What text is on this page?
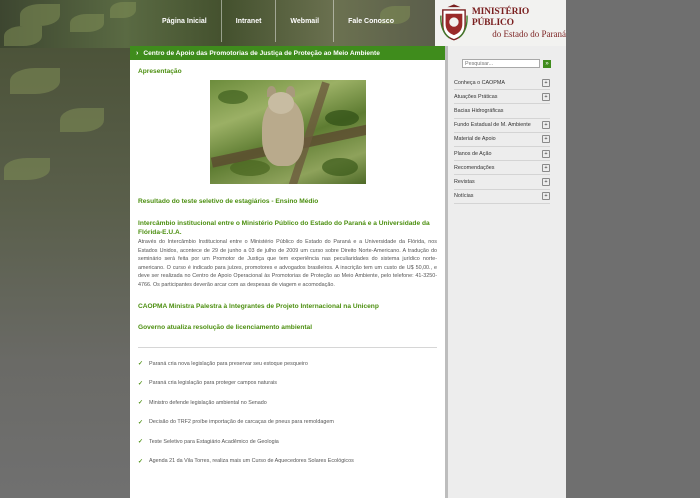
Página Inicial	Intranet	Webmail	Fale Conosco
MINISTÉRIO PÚBLICO
do Estado do Paraná
› Centro de Apoio das Promotorias de Justiça de Proteção ao Meio Ambiente
Apresentação
Resultado do teste seletivo de estagiários - Ensino Médio
Intercâmbio institucional entre o Ministério Público do Estado do Paraná e a Universidade da Flórida-E.U.A.
Através do Intercâmbio Institucional entre o Ministério Público do Estado do Paraná e a Universidade da Flórida, nos Estados Unidos, acontece de 29 de junho a 03 de julho de 2009 um curso sobre Direito Norte-Americano. A tradução do seminário será feita por um Promotor de Justiça que tem experiência nas peculiaridades do sistema jurídico norte-americano. O curso é indicado para juízes, promotores e advogados brasileiros. A inscrição tem um custo de U$ 50,00., e deve ser realizada no Centro de Apoio Operacional às Promotorias de Proteção ao Meio Ambiente, pelo telefone: 41-3250-4766. Os participantes deverão arcar com as despesas de viagem e acomodação.
CAOPMA Ministra Palestra à Integrantes de Projeto Internacional na Unicenp
Governo atualiza resolução de licenciamento ambiental
✓ Paraná cria nova legislação para preservar seu estoque pesqueiro
✓ Paraná cria legislação para proteger campos naturais
✓ Ministro defende legislação ambiental no Senado
✓ Decisão do TRF2 proíbe importação de carcaças de pneus para remoldagem
✓ Teste Seletivo para Estagiário Acadêmico de Geologia
✓ Agenda 21 da Vila Torres, realiza mais um Curso de Aquecedores Solares Ecológicos
Pesquisar...
»
Conheça o CAOPMA	+
Atuações Práticas	+
Bacias Hidrográficas
Fundo Estadual de M. Ambiente	+
Material de Apoio	+
Planos de Ação	+
Recomendações	+
Revistas	+
Notícias	+
